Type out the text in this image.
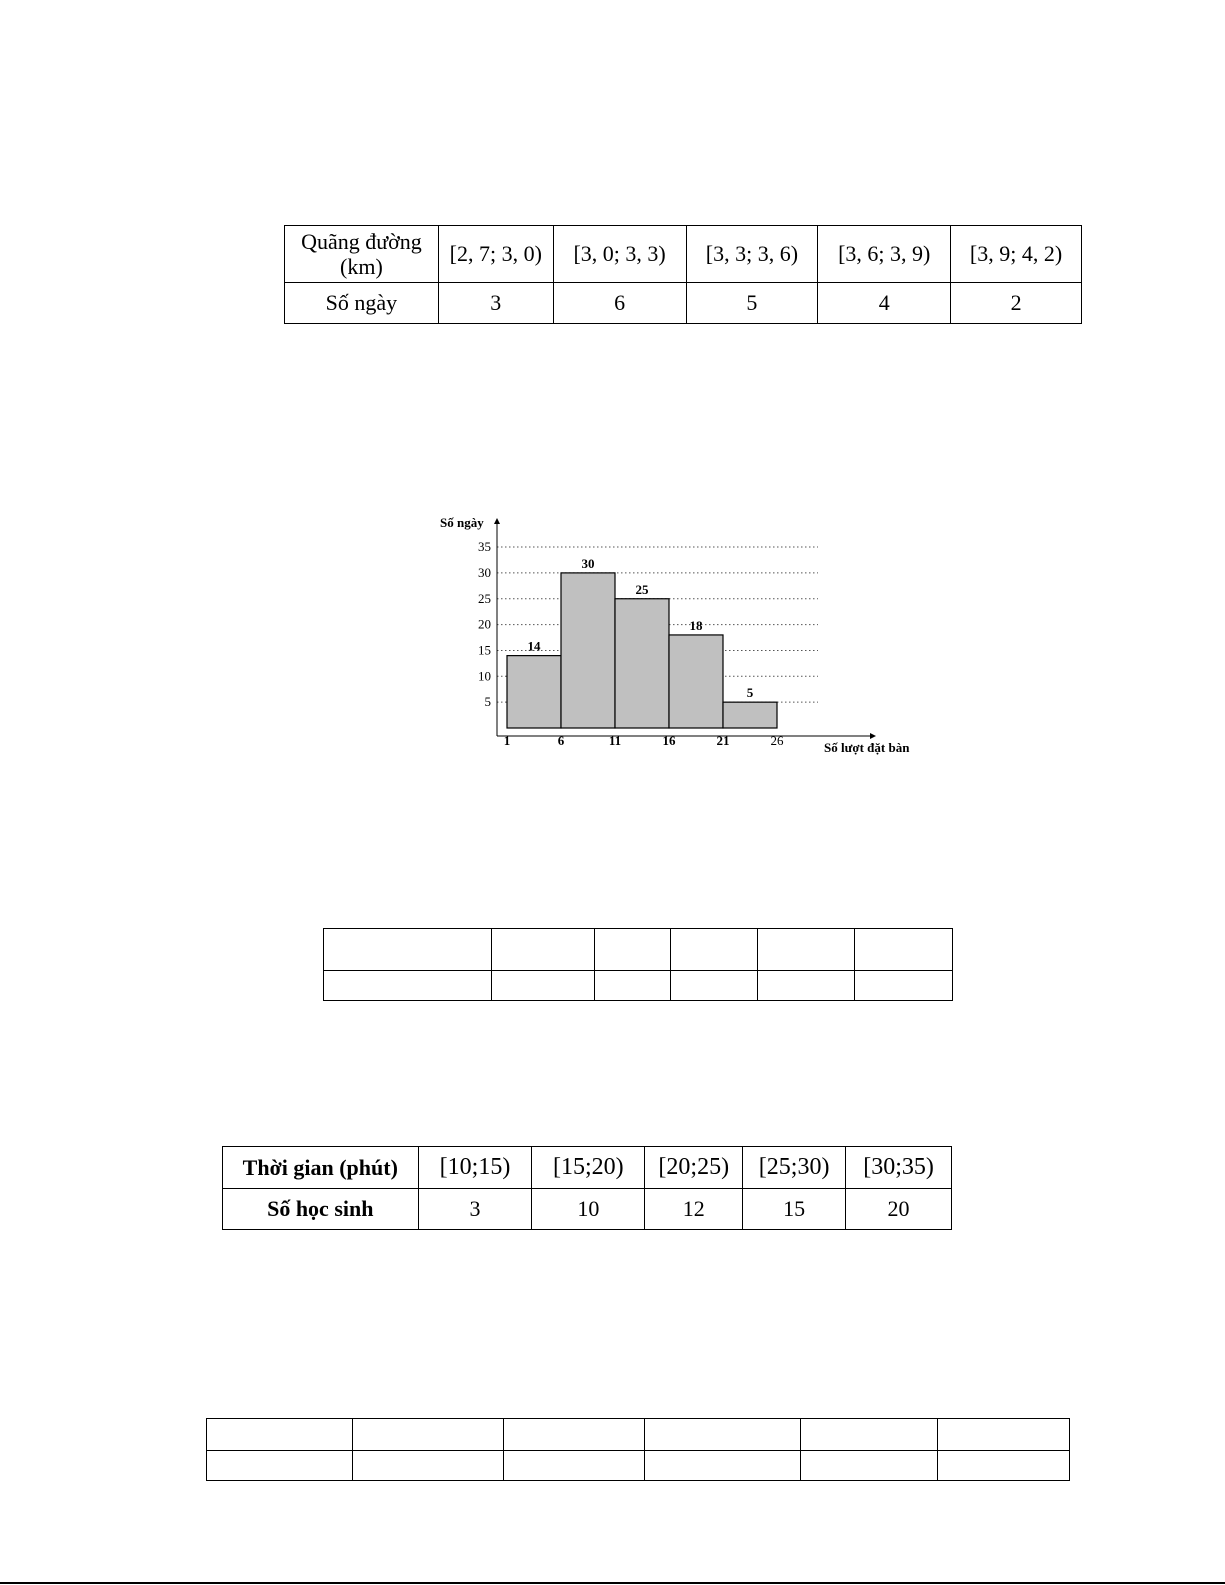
Quãng đường (km)	[2, 7; 3, 0)	[3, 0; 3, 3)	[3, 3; 3, 6)	[3, 6; 3, 9)	[3, 9; 4, 2)
Số ngày	3	6	5	4	2
Số ngày
Số lượt đặt bàn
5
10
15
20
25
30
35
1	6	11	16	21	26
14
30
25
18
5

Thời gian (phút)	[10;15)	[15;20)	[20;25)	[25;30)	[30;35)
Số học sinh	3	10	12	15	20
